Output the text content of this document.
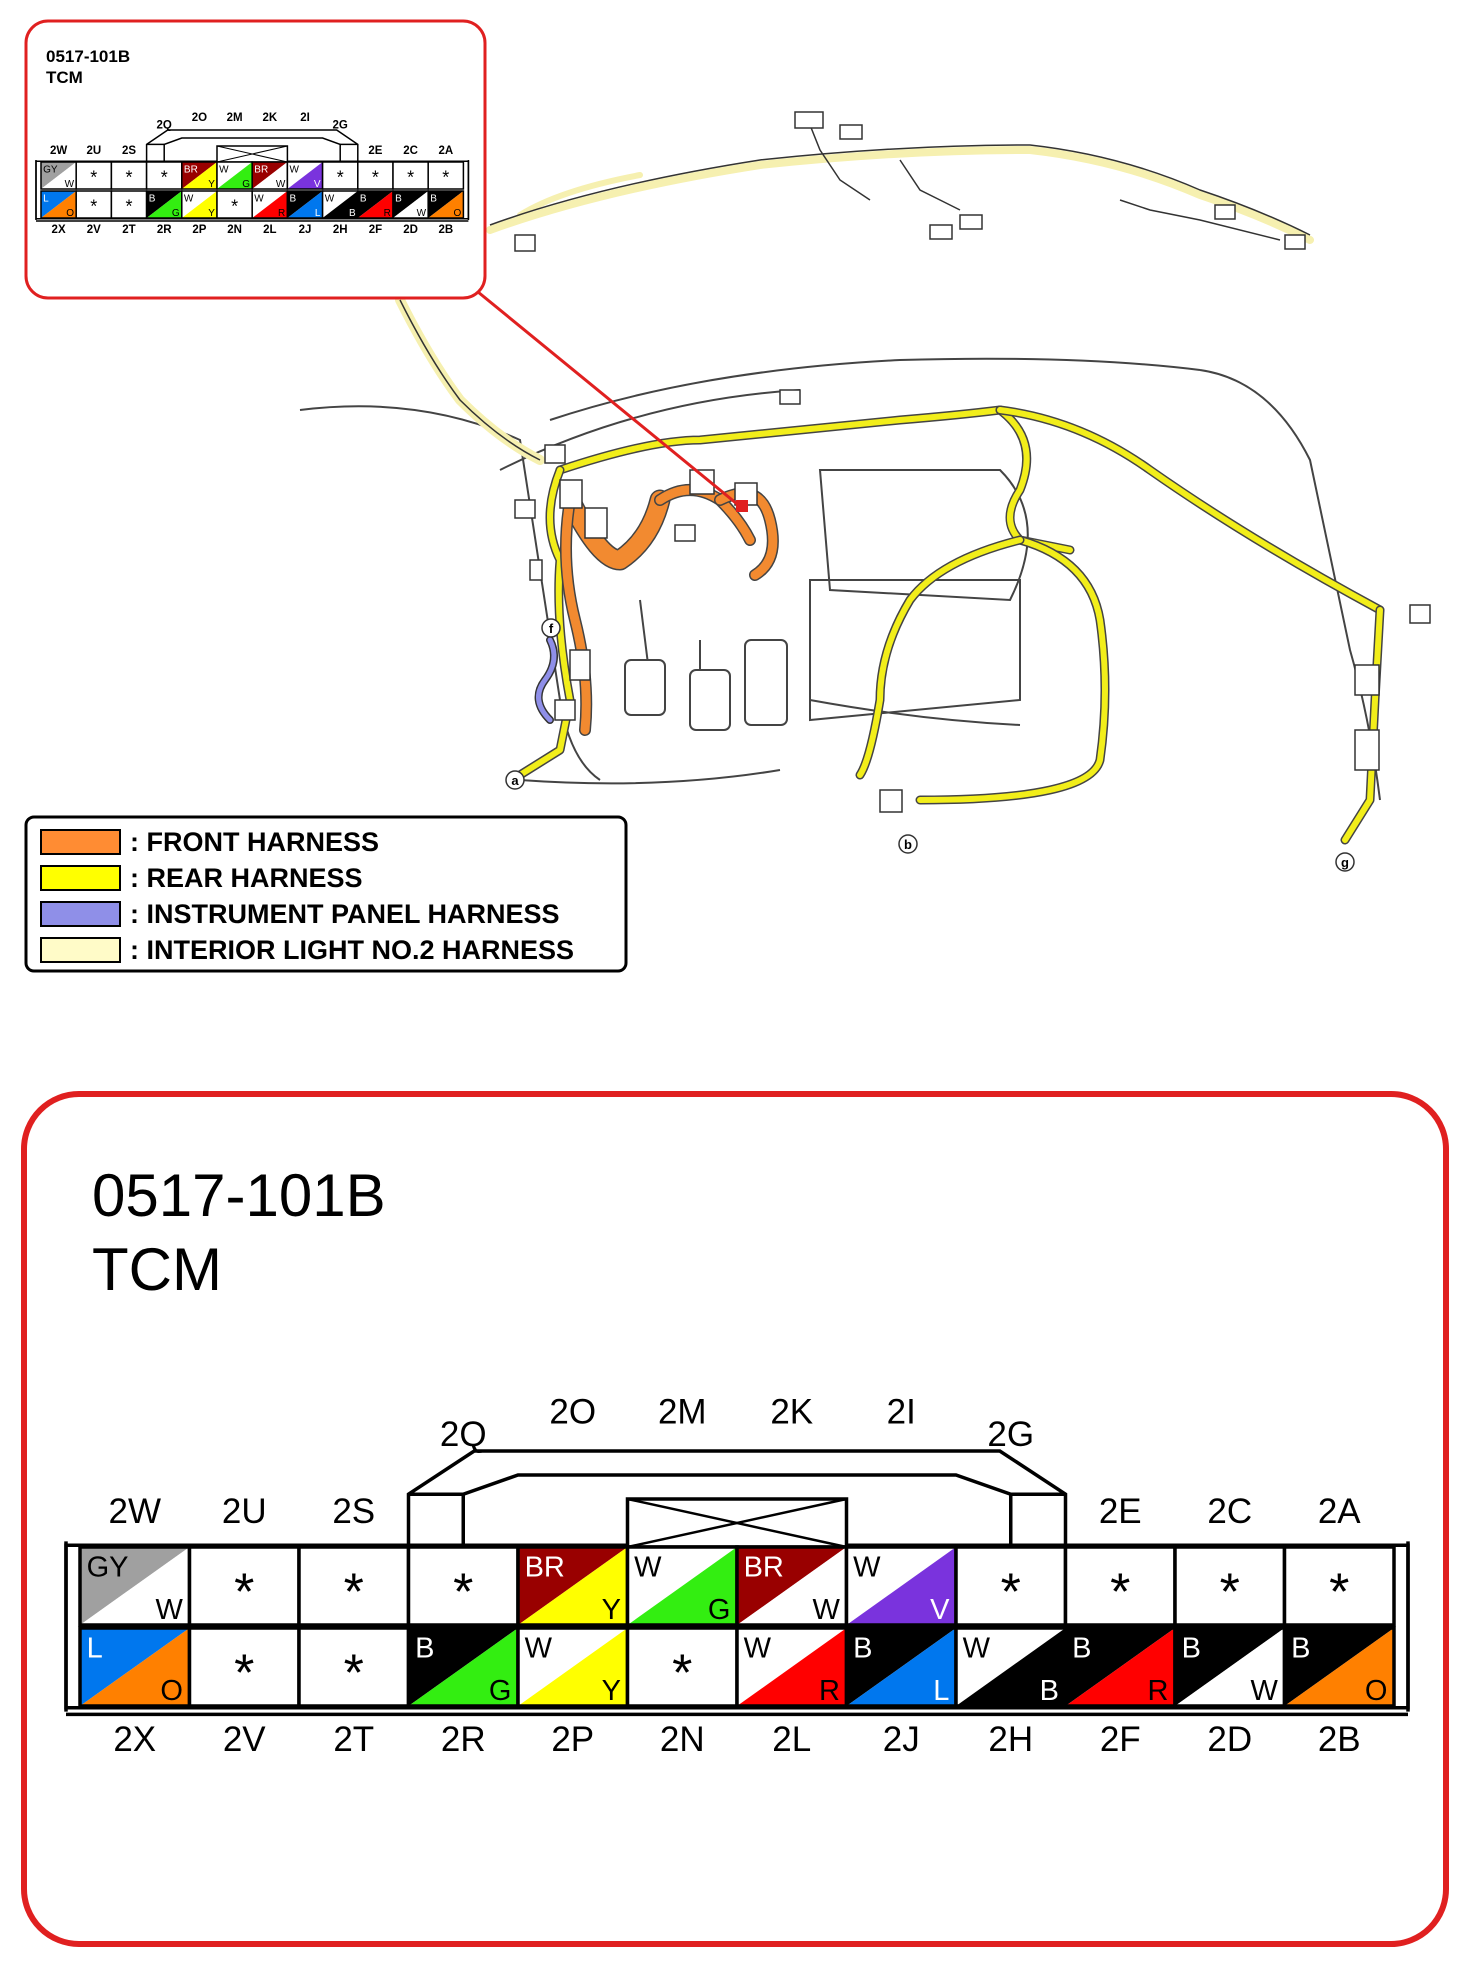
a
b
f
g
0517-101B
TCM
GY
W * * * BR
Y
W
G
BR
W
W
V * * * *
L
O * * B
G
W
Y * W
R
B
L
W
B
B
R
B
W
B
O
2W 2U 2S
2Q
2O 2M 2K 2I
2G
2E 2C 2A
2X 2V 2T 2R 2P 2N 2L 2J 2H 2F 2D 2B
: FRONT HARNESS
: REAR HARNESS
: INSTRUMENT PANEL HARNESS
: INTERIOR LIGHT NO.2 HARNESS
0517-101B
TCM
GY
W * * * BR
Y
W
G
BR
W
W
V * * * *
L
O * * B
G
W
Y * W
R
B
L
W
B
B
R
B
W
B
O
2W 2U 2S
2Q
2O 2M 2K 2I
2G
2E 2C 2A
2X 2V 2T 2R 2P 2N 2L 2J 2H 2F 2D 2B
